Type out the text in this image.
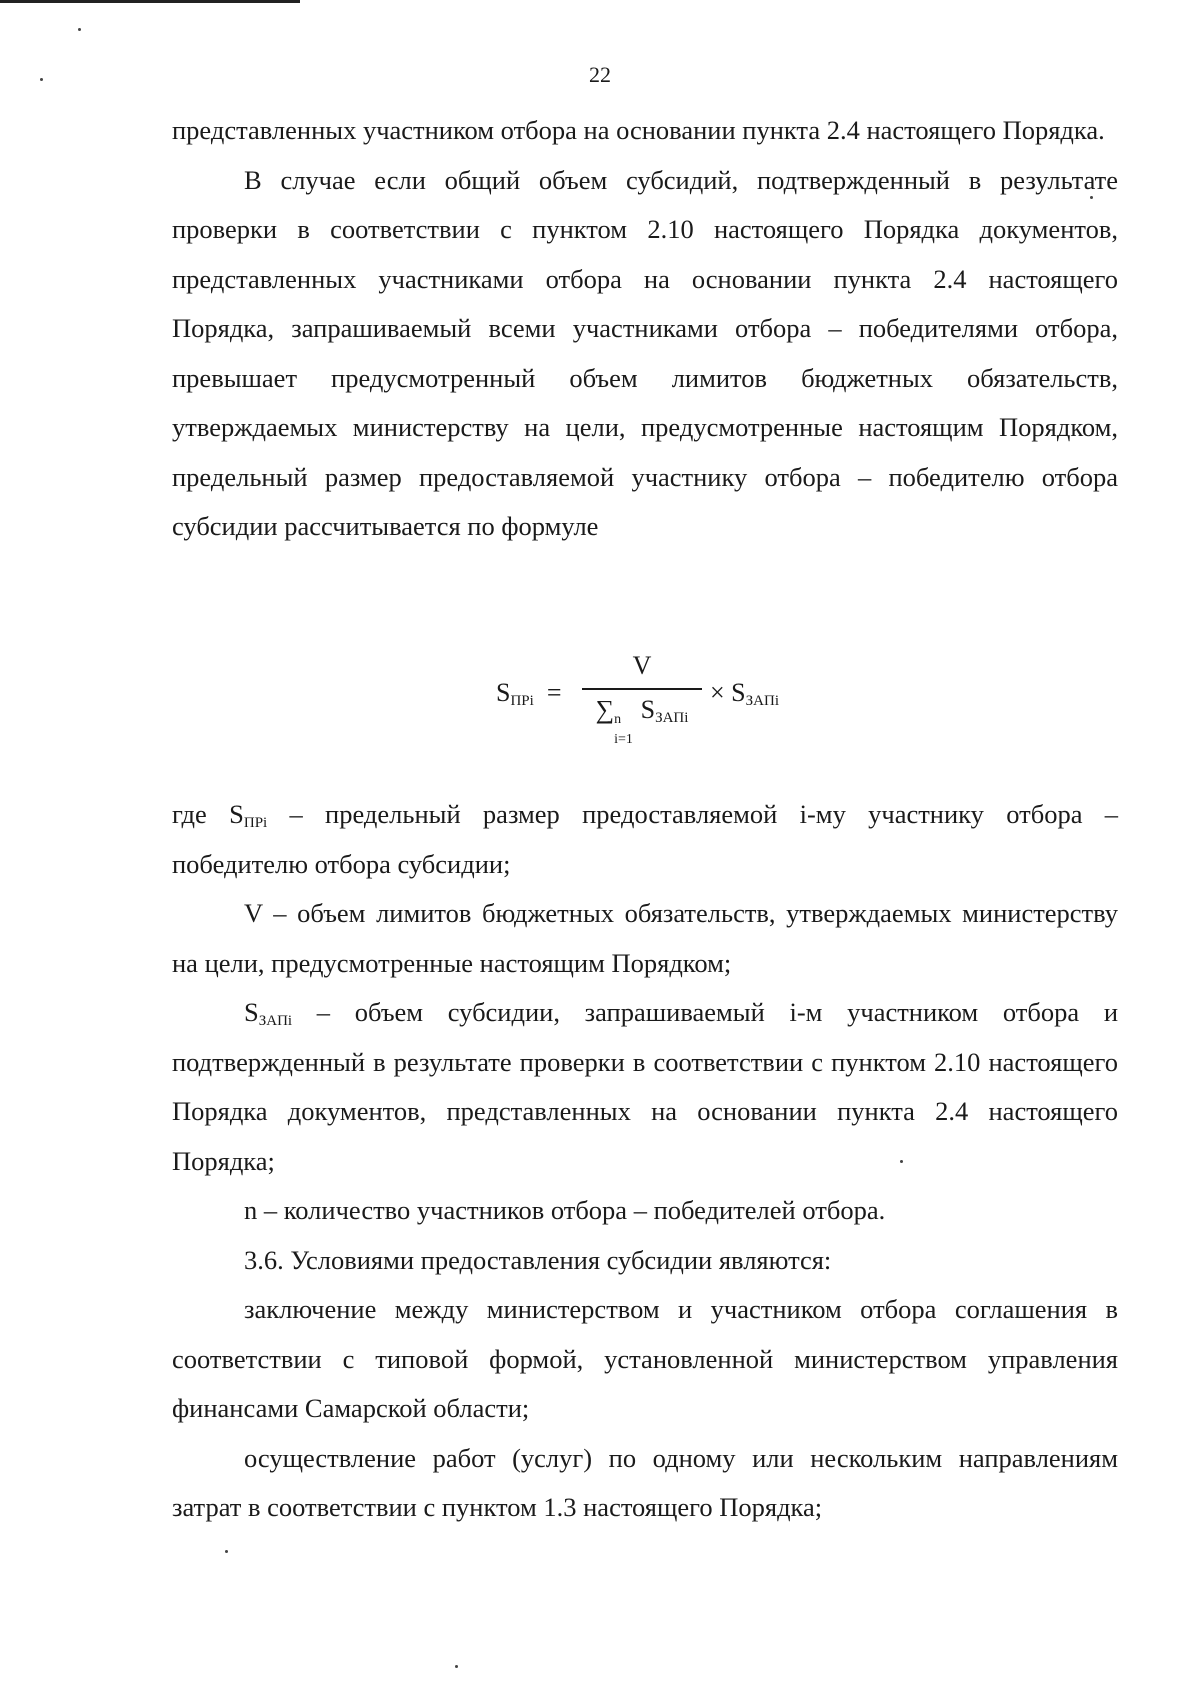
22

представленных участником отбора на основании пункта 2.4 настоящего Порядка.

В случае если общий объем субсидий, подтвержденный в результате проверки в соответствии с пунктом 2.10 настоящего Порядка документов, представленных участниками отбора на основании пункта 2.4 настоящего Порядка, запрашиваемый всеми участниками отбора – победителями отбора, превышает предусмотренный объем лимитов бюджетных обязательств, утверждаемых министерству на цели, предусмотренные настоящим Порядком, предельный размер предоставляемой участнику отбора – победителю отбора субсидии рассчитывается по формуле

$S_{ПРi}$ =
V
∑ n
i=1
$S_{ЗАПi}$
× $S_{ЗАПi}$

где $S_{ПРi}$ – предельный размер предоставляемой i-му участнику отбора – победителю отбора субсидии;

V – объем лимитов бюджетных обязательств, утверждаемых министерству на цели, предусмотренные настоящим Порядком;

$S_{ЗАПi}$ – объем субсидии, запрашиваемый i-м участником отбора и подтвержденный в результате проверки в соответствии с пунктом 2.10 настоящего Порядка документов, представленных на основании пункта 2.4 настоящего Порядка;

n – количество участников отбора – победителей отбора.

3.6. Условиями предоставления субсидии являются:

заключение между министерством и участником отбора соглашения в соответствии с типовой формой, установленной министерством управления финансами Самарской области;

осуществление работ (услуг) по одному или нескольким направлениям затрат в соответствии с пунктом 1.3 настоящего Порядка;
